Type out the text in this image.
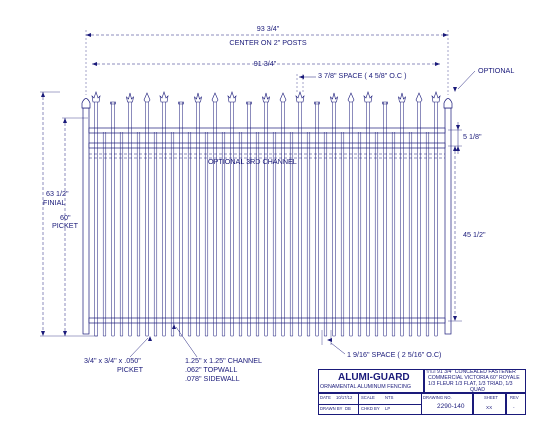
93 3/4"
CENTER ON 2" POSTS
91 3/4"
3 7/8" SPACE ( 4 5/8" O.C )
OPTIONAL
5 1/8"
OPTIONAL 3RD CHANNEL
63 1/2"
FINIAL
60"
PICKET
45 1/2"
1 9/16" SPACE ( 2 5/16" O.C)
3/4" x 3/4" x .050"
PICKET
1.25" x 1.25" CHANNEL
.062" TOPWALL
.078" SIDEWALL	ALUMI-GUARD
ORNAMENTAL ALUMINUM FENCING
TITLE 91 3/4" CONCEALED FASTENER
COMMERCIAL VICTORIA 60" ROYALE
1/3 FLEUR 1/3 FLAT, 1/3 TRIAD, 1/3
QUAD
DATE 10/17/12 SCALE NTS
DRAWN BY DB CHKD BY LP
DRAWING NO.
2290-140
SHEET
XX
REV
-
